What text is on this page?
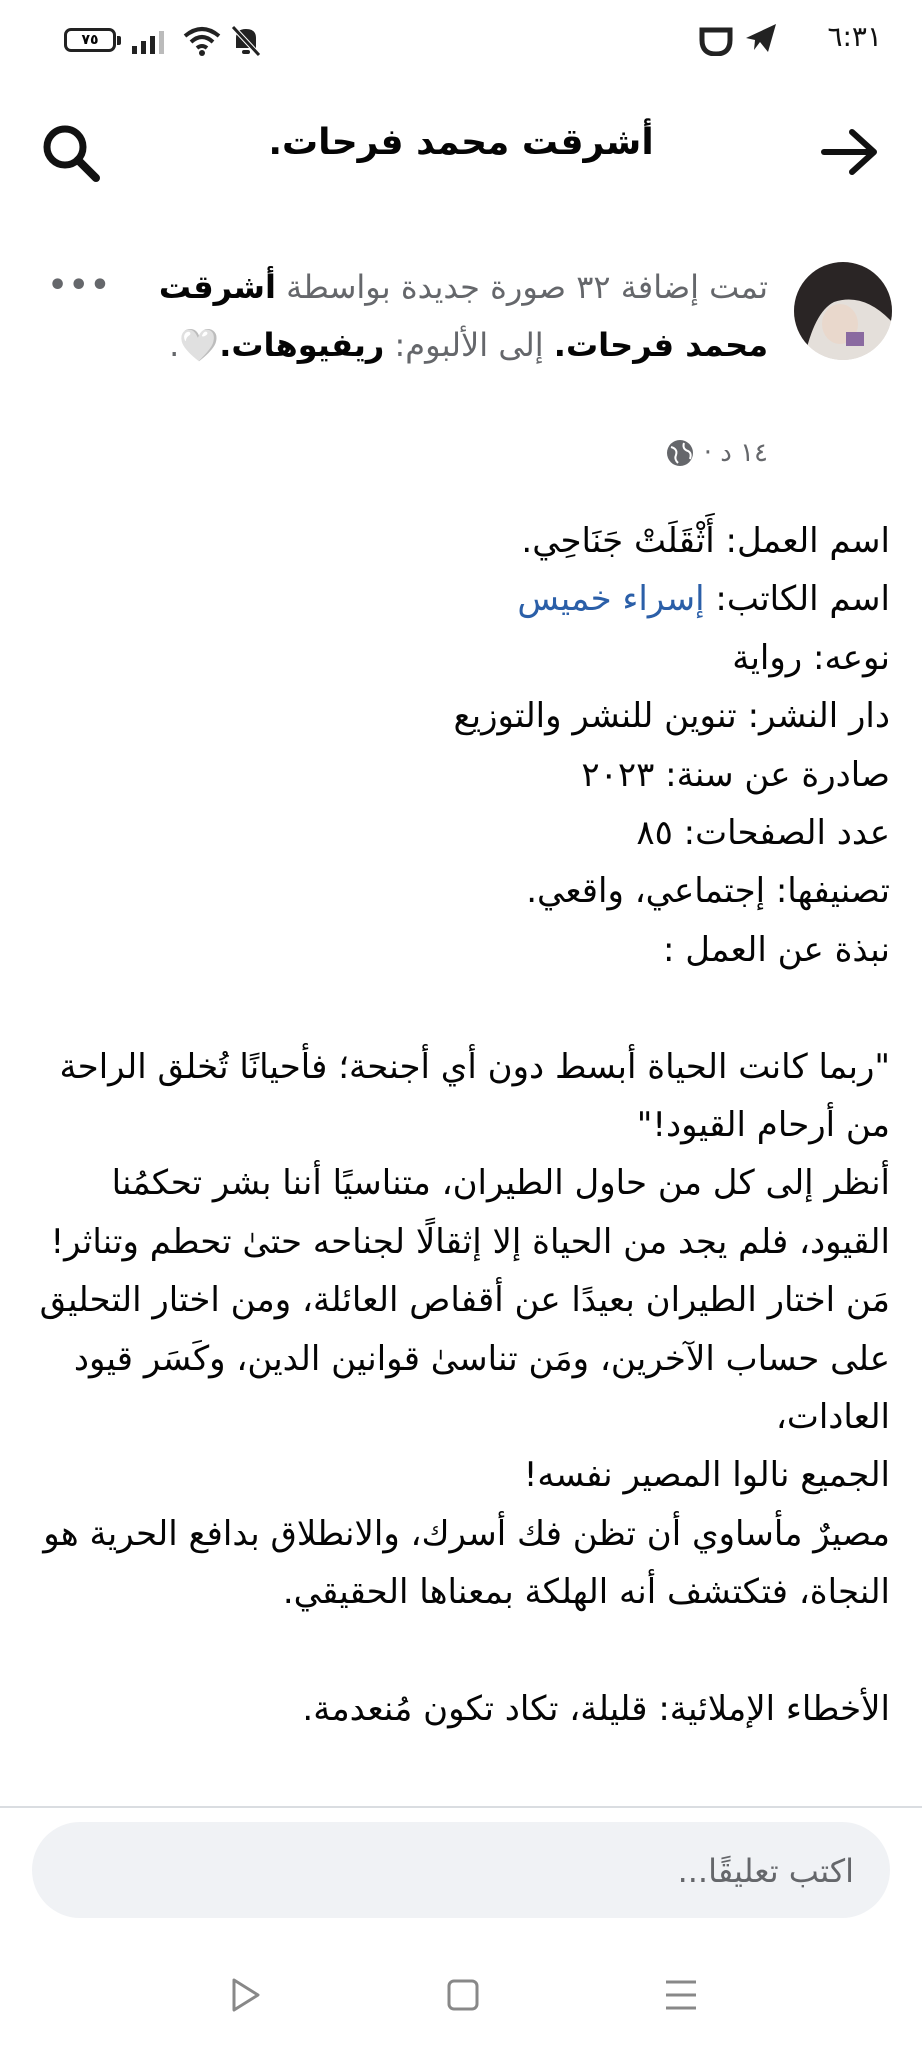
٧٥	٦:٣١
أشرقت محمد فرحات.
تمت إضافة ٣٢ صورة جديدة بواسطة أشرقت محمد فرحات. إلى الألبوم: ريفيوهات.🤍.
١٤ د ·
•••
اسم العمل: أَثْقَلَتْ جَنَاحِي.
اسم الكاتب: إسراء خميس
نوعه: رواية
دار النشر: تنوين للنشر والتوزيع
صادرة عن سنة: ٢٠٢٣
عدد الصفحات: ٨٥
تصنيفها: إجتماعي، واقعي.
نبذة عن العمل :
"ربما كانت الحياة أبسط دون أي أجنحة؛ فأحيانًا تُخلق الراحة من أرحام القيود!"
أنظر إلى كل من حاول الطيران، متناسيًا أننا بشر تحكمُنا القيود، فلم يجد من الحياة إلا إثقالًا لجناحه حتىٰ تحطم وتناثر!
مَن اختار الطيران بعيدًا عن أقفاص العائلة، ومن اختار التحليق على حساب الآخرين، ومَن تناسىٰ قوانين الدين، وكَسَر قيود العادات،
الجميع نالوا المصير نفسه!
مصيرٌ مأساوي أن تظن فك أسرك، والانطلاق بدافع الحرية هو النجاة، فتكتشف أنه الهلكة بمعناها الحقيقي.
الأخطاء الإملائية: قليلة، تكاد تكون مُنعدمة.
اكتب تعليقًا...
